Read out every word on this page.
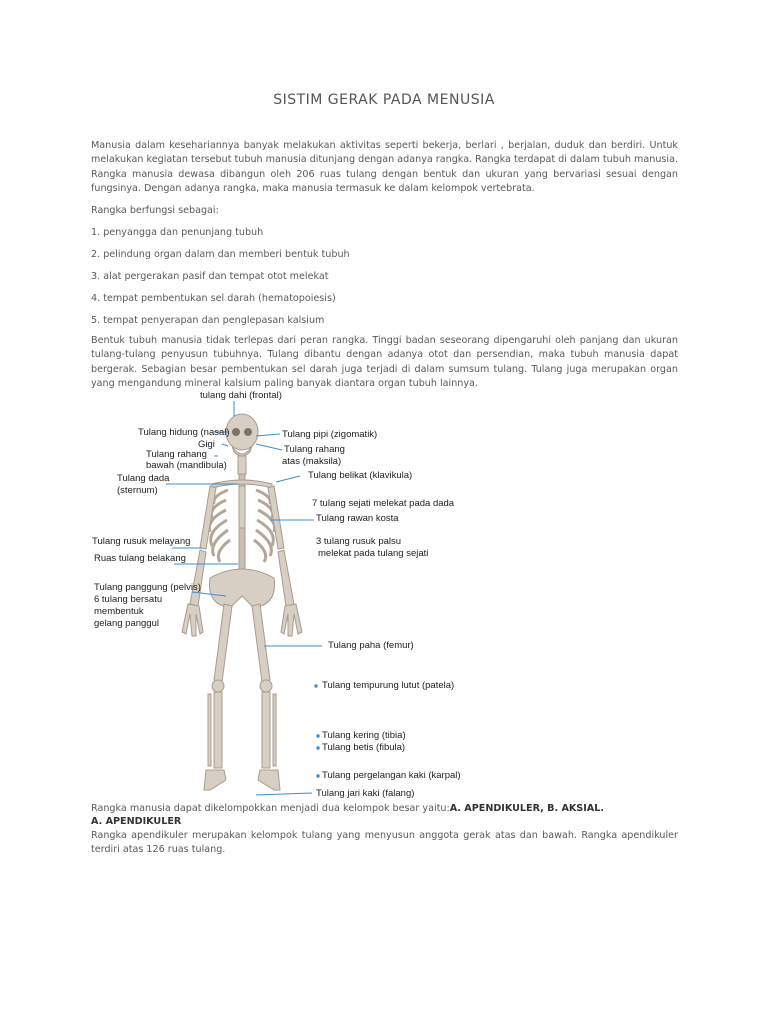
SISTIM GERAK PADA MENUSIA
Manusia dalam kesehariannya banyak melakukan aktivitas seperti bekerja, berlari , berjalan, duduk dan berdiri. Untuk melakukan kegiatan tersebut tubuh manusia ditunjang dengan adanya rangka. Rangka terdapat di dalam tubuh manusia. Rangka manusia dewasa dibangun oleh 206 ruas tulang dengan bentuk dan ukuran yang bervariasi sesuai dengan fungsinya. Dengan adanya rangka, maka manusia termasuk ke dalam kelompok vertebrata.
Rangka berfungsi sebagai:
1. penyangga dan penunjang tubuh
2. pelindung organ dalam dan memberi bentuk tubuh
3. alat pergerakan pasif dan tempat otot melekat
4. tempat pembentukan sel darah (hematopoiesis)
5. tempat penyerapan dan penglepasan kalsium
Bentuk tubuh manusia tidak terlepas dari peran rangka. Tinggi badan seseorang dipengaruhi oleh panjang dan ukuran tulang-tulang penyusun tubuhnya. Tulang dibantu dengan adanya otot dan persendian, maka tubuh manusia dapat bergerak. Sebagian besar pembentukan sel darah juga terjadi di dalam sumsum tulang. Tulang juga merupakan organ yang mengandung mineral kalsium paling banyak diantara organ tubuh lainnya.
tulang dahi (frontal)
Tulang hidung (nasal)
Gigi
Tulang rahang
bawah (mandibula)
Tulang dada
(sternum)
Tulang rusuk melayang
Ruas tulang belakang
Tulang panggung (pelvis)
6 tulang bersatu
membentuk
gelang panggul
Tulang pipi (zigomatik)
Tulang rahang
atas (maksila)
Tulang belikat (klavikula)
7 tulang sejati melekat pada dada
Tulang rawan kosta
3 tulang rusuk palsu
melekat pada tulang sejati
Tulang paha (femur)
Tulang tempurung lutut (patela)
Tulang kering (tibia)
Tulang betis (fibula)
Tulang pergelangan kaki (karpal)
Tulang jari kaki (falang)
Rangka manusia dapat dikelompokkan menjadi dua kelompok besar yaitu:A. APENDIKULER, B. AKSIAL.
A. APENDIKULER
Rangka apendikuler merupakan kelompok tulang yang menyusun anggota gerak atas dan bawah. Rangka apendikuler terdiri atas 126 ruas tulang.
